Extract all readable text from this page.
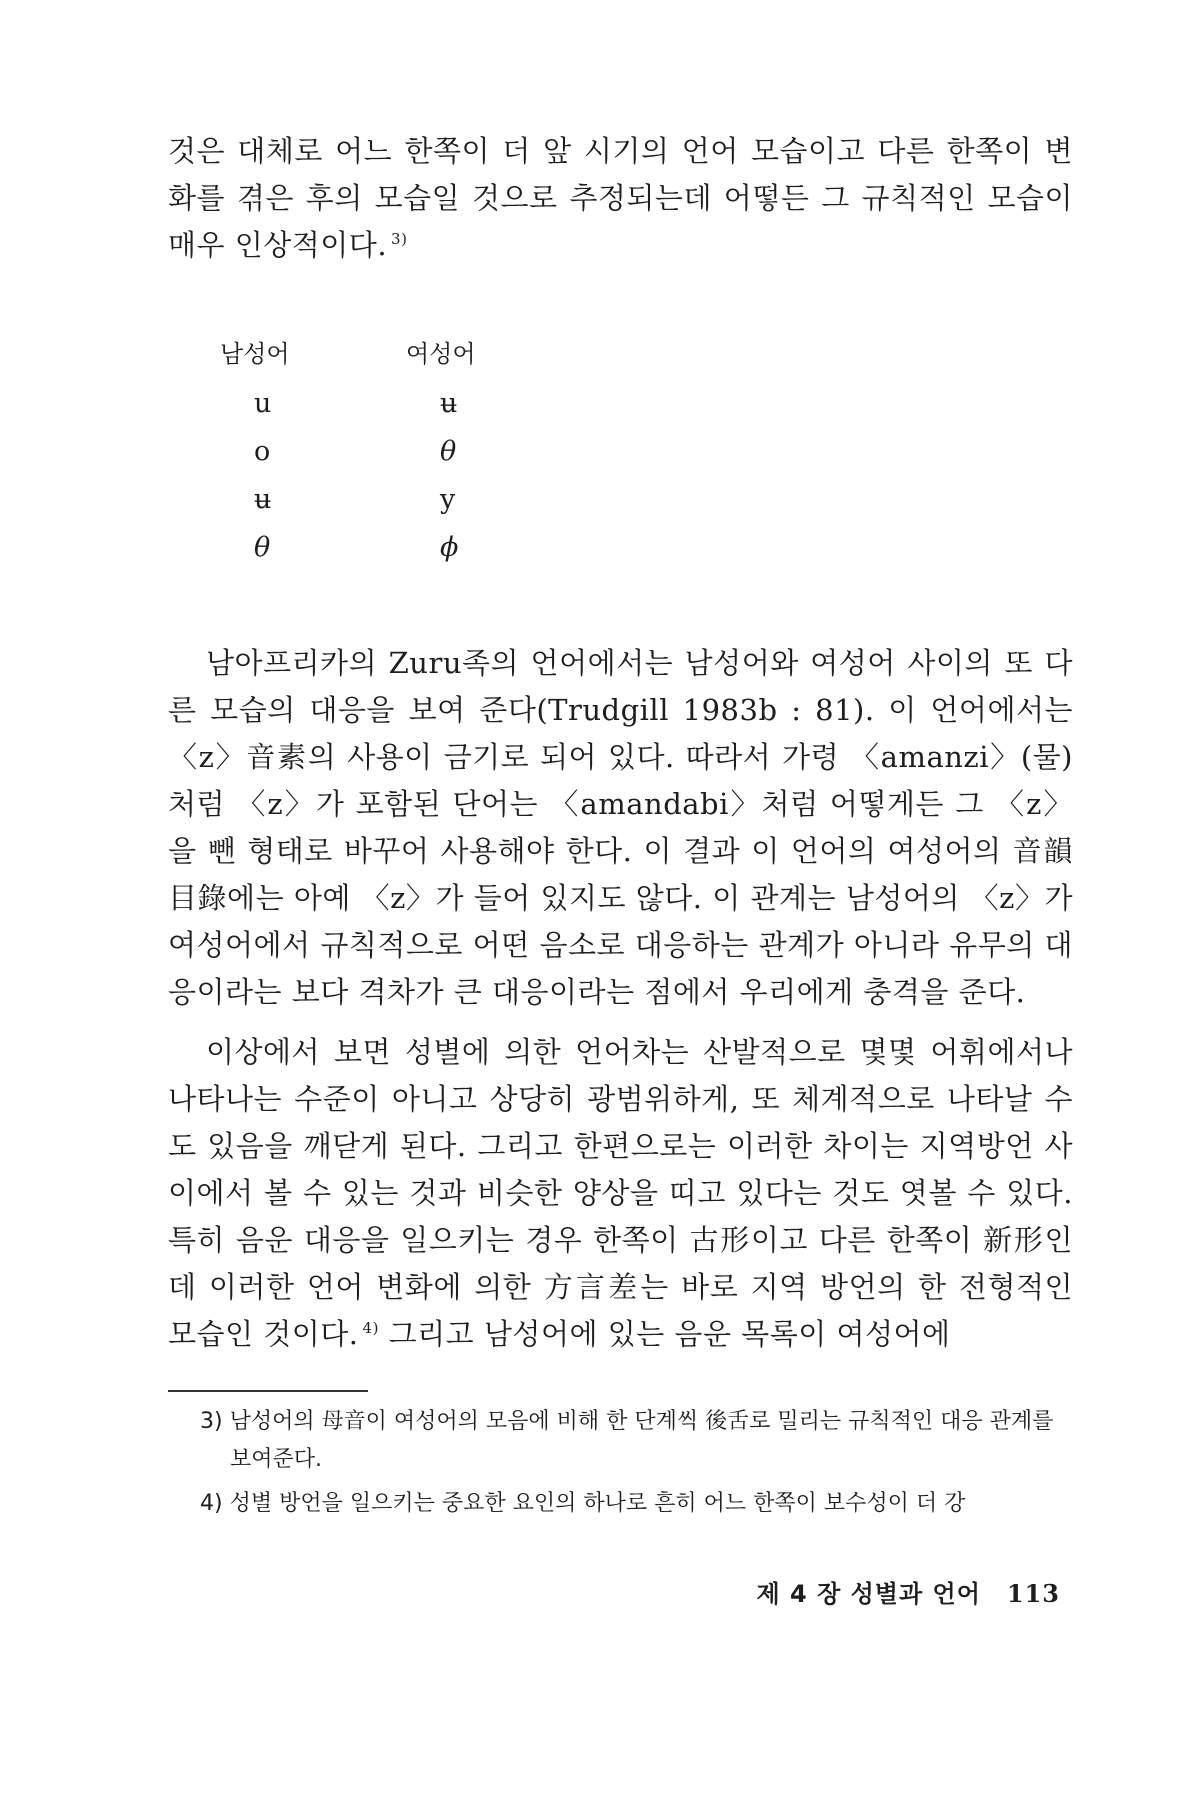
것은 대체로 어느 한쪽이 더 앞 시기의 언어 모습이고 다른 한쪽이 변화를 겪은 후의 모습일 것으로 추정되는데 어떻든 그 규칙적인 모습이 매우 인상적이다. $^{3)}$

남성어
u
o
ʉ
θ
여성어
ʉ
θ
y
ϕ

남아프리카의 Zuru족의 언어에서는 남성어와 여성어 사이의 또 다른 모습의 대응을 보여 준다(Trudgill 1983b : 81). 이 언어에서는 〈z〉音素의 사용이 금기로 되어 있다. 따라서 가령 〈amanzi〉(물)처럼 〈z〉가 포함된 단어는 〈amandabi〉처럼 어떻게든 그 〈z〉을 뺀 형태로 바꾸어 사용해야 한다. 이 결과 이 언어의 여성어의 音韻 目錄에는 아예 〈z〉가 들어 있지도 않다. 이 관계는 남성어의 〈z〉가 여성어에서 규칙적으로 어떤 음소로 대응하는 관계가 아니라 유무의 대응이라는 보다 격차가 큰 대응이라는 점에서 우리에게 충격을 준다.

이상에서 보면 성별에 의한 언어차는 산발적으로 몇몇 어휘에서나 나타나는 수준이 아니고 상당히 광범위하게, 또 체계적으로 나타날 수도 있음을 깨닫게 된다. 그리고 한편으로는 이러한 차이는 지역방언 사이에서 볼 수 있는 것과 비슷한 양상을 띠고 있다는 것도 엿볼 수 있다. 특히 음운 대응을 일으키는 경우 한쪽이 古形이고 다른 한쪽이 新形인데 이러한 언어 변화에 의한 方言差는 바로 지역 방언의 한 전형적인 모습인 것이다. $^{4)}$ 그리고 남성어에 있는 음운 목록이 여성어에

3) 남성어의 母音이 여성어의 모음에 비해 한 단계씩 後舌로 밀리는 규칙적인 대응 관계를 보여준다.

4) 성별 방언을 일으키는 중요한 요인의 하나로 흔히 어느 한쪽이 보수성이 더 강

제 4 장 성별과 언어 113
